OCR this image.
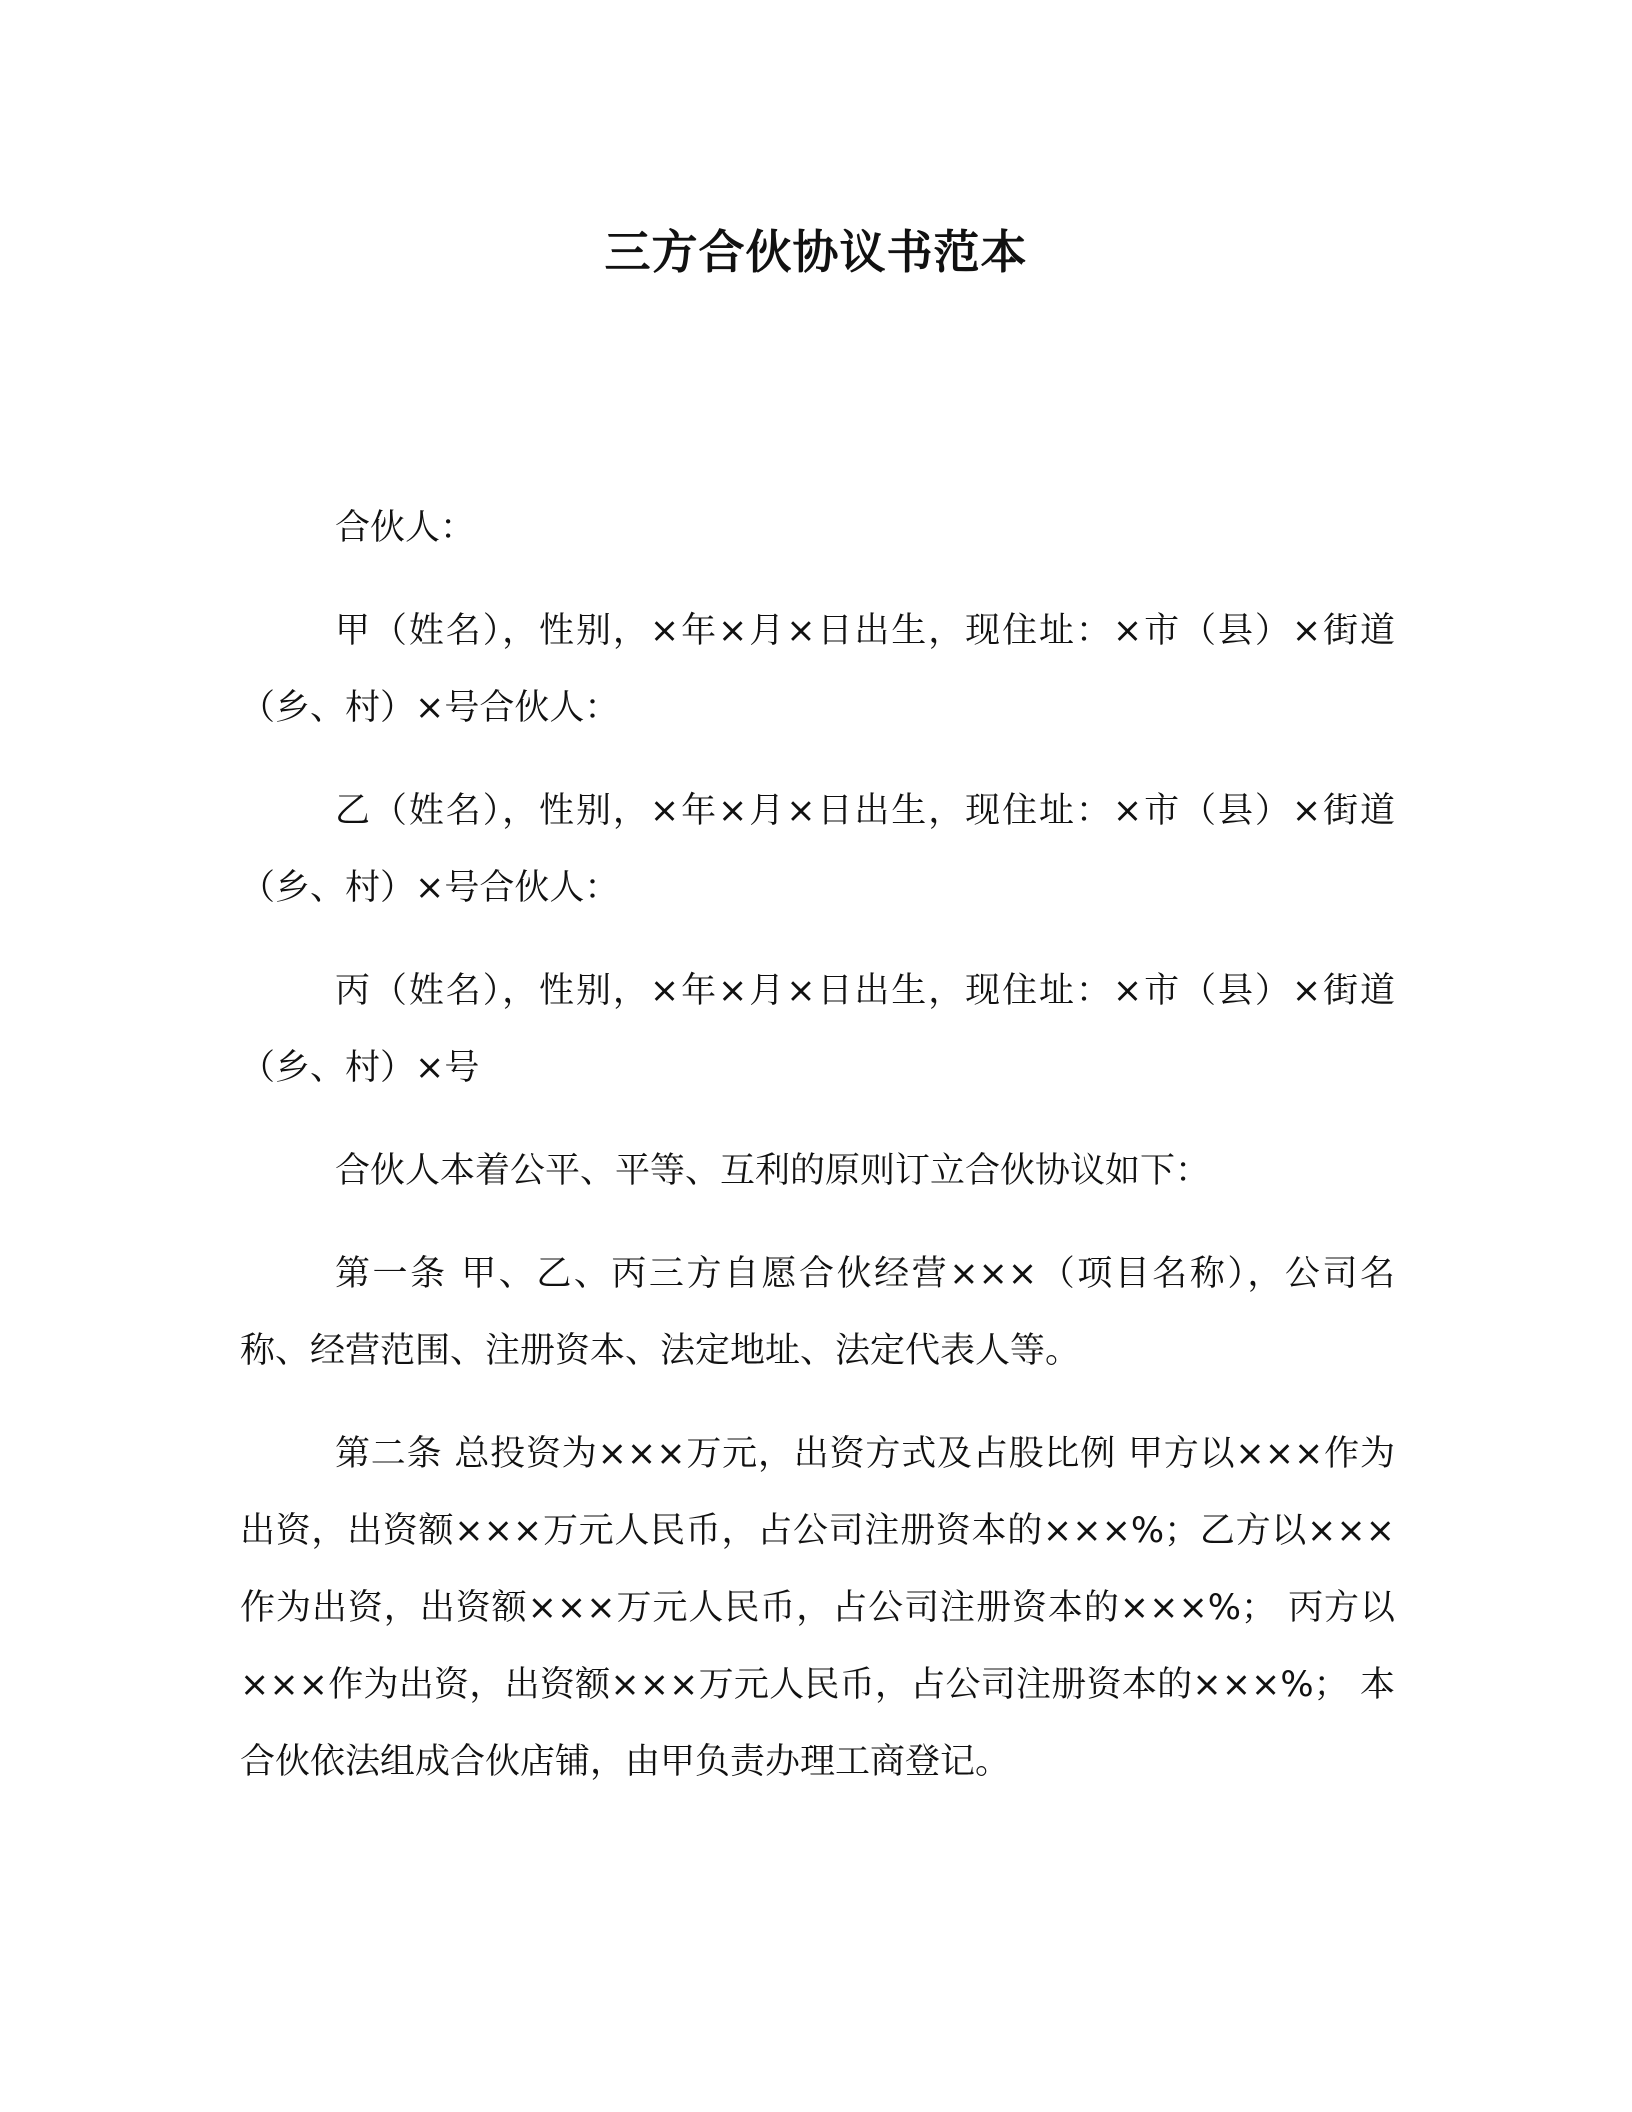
三方合伙协议书范本

合伙人：

甲（姓名），性别，×年×月×日出生，现住址：×市（县）×街道（乡、村）×号合伙人：

乙（姓名），性别，×年×月×日出生，现住址：×市（县）×街道（乡、村）×号合伙人：

丙（姓名），性别，×年×月×日出生，现住址：×市（县）×街道（乡、村）×号

合伙人本着公平、平等、互利的原则订立合伙协议如下：

第一条 甲、乙、丙三方自愿合伙经营×××（项目名称），公司名称、经营范围、注册资本、法定地址、法定代表人等。

第二条 总投资为×××万元，出资方式及占股比例 甲方以×××作为出资，出资额×××万元人民币，占公司注册资本的×××%；乙方以×××作为出资，出资额×××万元人民币，占公司注册资本的×××%； 丙方以×××作为出资，出资额×××万元人民币，占公司注册资本的×××%； 本合伙依法组成合伙店铺，由甲负责办理工商登记。
